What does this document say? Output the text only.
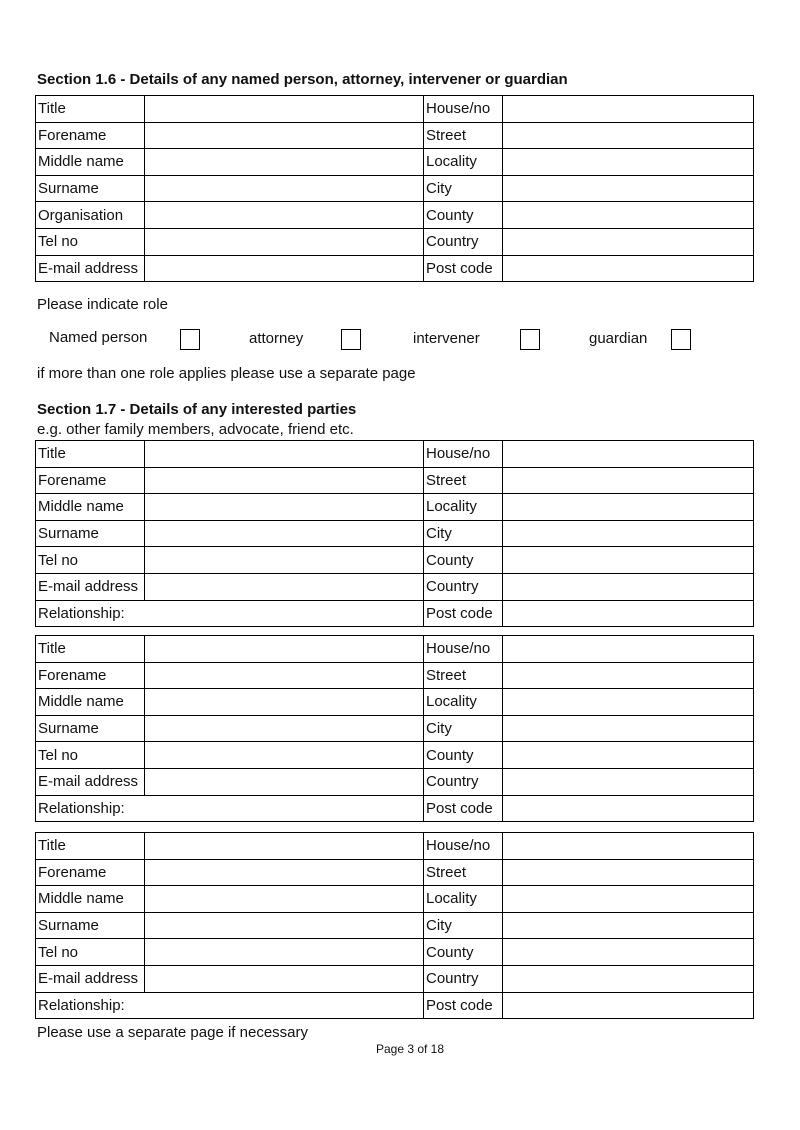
Section 1.6 - Details of any named person, attorney, intervener or guardian
Title		House/no	
Forename		Street	
Middle name		Locality	
Surname		City	
Organisation		County	
Tel no		Country	
E-mail address		Post code	
Please indicate role
Named person	attorney	intervener	guardian
if more than one role applies please use a separate page
Section 1.7 - Details of any interested parties
e.g. other family members, advocate, friend etc.
Title		House/no	
Forename		Street	
Middle name		Locality	
Surname		City	
Tel no		County	
E-mail address		Country	
Relationship:		Post code	
Title		House/no	
Forename		Street	
Middle name		Locality	
Surname		City	
Tel no		County	
E-mail address		Country	
Relationship:		Post code	
Title		House/no	
Forename		Street	
Middle name		Locality	
Surname		City	
Tel no		County	
E-mail address		Country	
Relationship:		Post code	
Please use a separate page if necessary
Page 3 of 18
